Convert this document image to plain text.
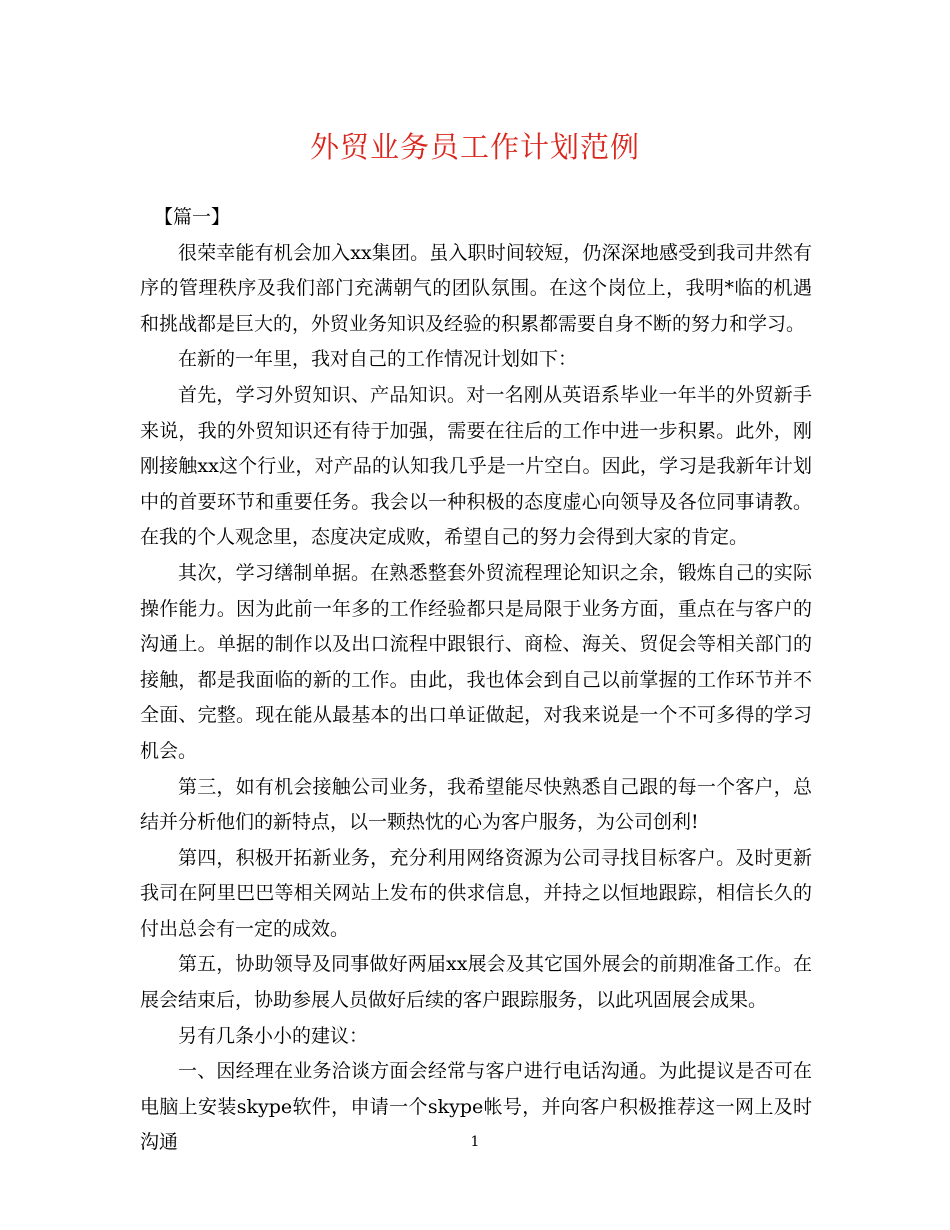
外贸业务员工作计划范例

【篇一】

很荣幸能有机会加入xx集团。虽入职时间较短，仍深深地感受到我司井然有序的管理秩序及我们部门充满朝气的团队氛围。在这个岗位上，我明*临的机遇和挑战都是巨大的，外贸业务知识及经验的积累都需要自身不断的努力和学习。

在新的一年里，我对自己的工作情况计划如下：

首先，学习外贸知识、产品知识。对一名刚从英语系毕业一年半的外贸新手来说，我的外贸知识还有待于加强，需要在往后的工作中进一步积累。此外，刚刚接触xx这个行业，对产品的认知我几乎是一片空白。因此，学习是我新年计划中的首要环节和重要任务。我会以一种积极的态度虚心向领导及各位同事请教。在我的个人观念里，态度决定成败，希望自己的努力会得到大家的肯定。

其次，学习缮制单据。在熟悉整套外贸流程理论知识之余，锻炼自己的实际操作能力。因为此前一年多的工作经验都只是局限于业务方面，重点在与客户的沟通上。单据的制作以及出口流程中跟银行、商检、海关、贸促会等相关部门的接触，都是我面临的新的工作。由此，我也体会到自己以前掌握的工作环节并不全面、完整。现在能从最基本的出口单证做起，对我来说是一个不可多得的学习机会。

第三，如有机会接触公司业务，我希望能尽快熟悉自己跟的每一个客户，总结并分析他们的新特点，以一颗热忱的心为客户服务，为公司创利!

第四，积极开拓新业务，充分利用网络资源为公司寻找目标客户。及时更新我司在阿里巴巴等相关网站上发布的供求信息，并持之以恒地跟踪，相信长久的付出总会有一定的成效。

第五，协助领导及同事做好两届xx展会及其它国外展会的前期准备工作。在展会结束后，协助参展人员做好后续的客户跟踪服务，以此巩固展会成果。

另有几条小小的建议：

一、因经理在业务洽谈方面会经常与客户进行电话沟通。为此提议是否可在电脑上安装skype软件，申请一个skype帐号，并向客户积极推荐这一网上及时沟通	1
